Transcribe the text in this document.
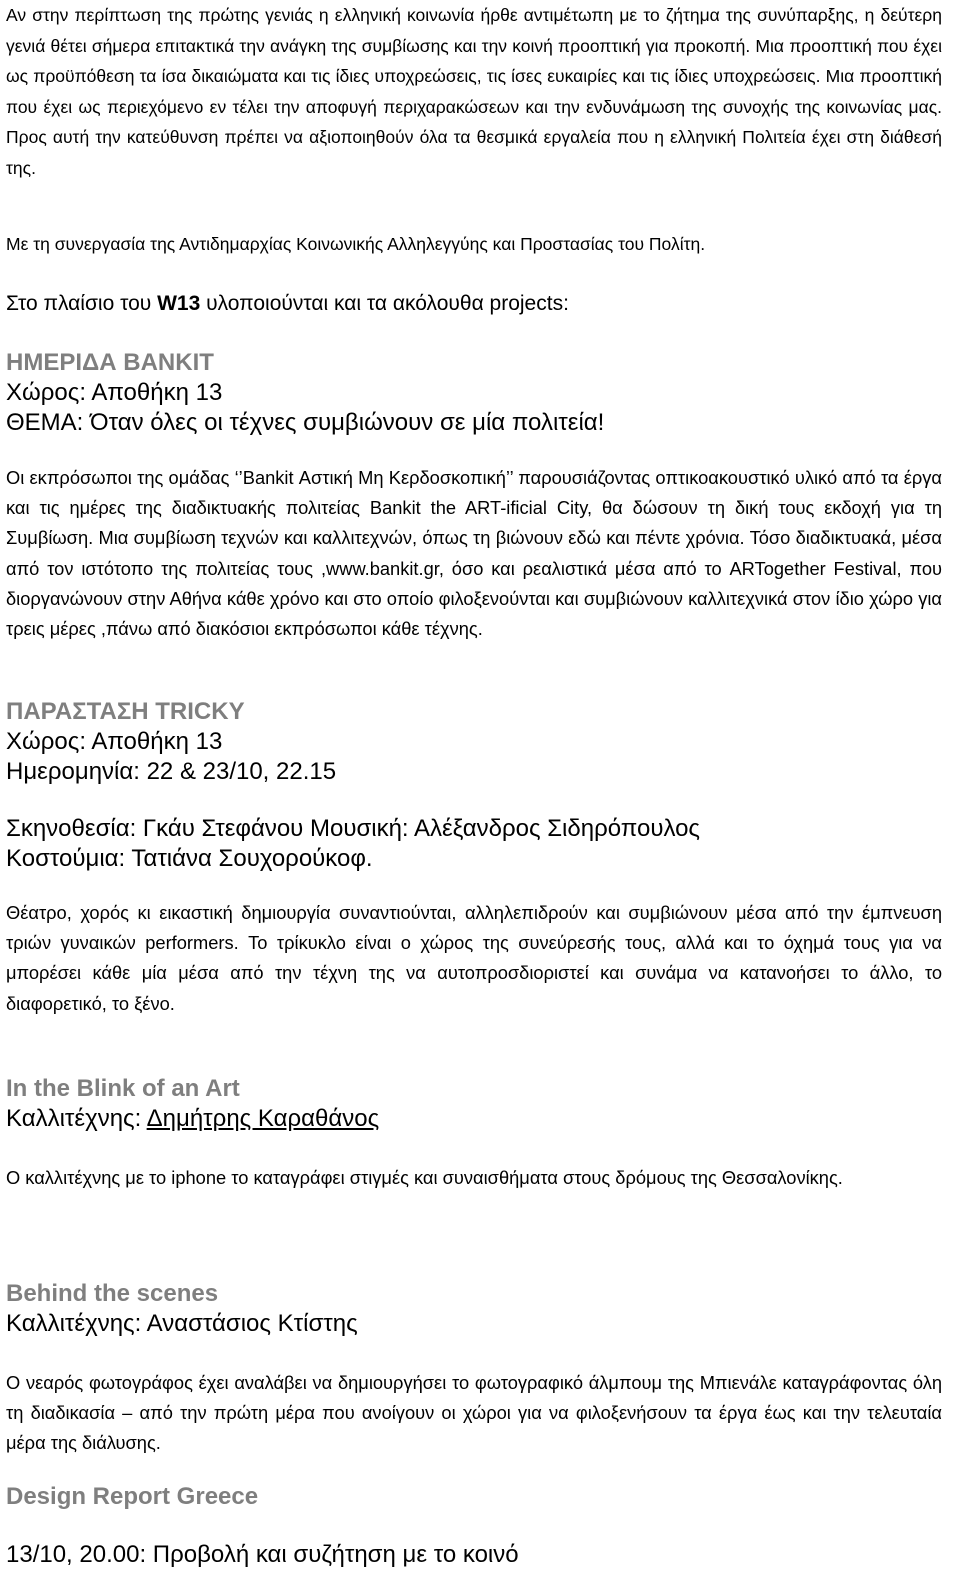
Αν στην περίπτωση της πρώτης γενιάς η ελληνική κοινωνία ήρθε αντιμέτωπη με το ζήτημα της συνύπαρξης, η δεύτερη γενιά θέτει σήμερα επιτακτικά την ανάγκη της συμβίωσης και την κοινή προοπτική για προκοπή. Μια προοπτική που έχει ως προϋπόθεση τα ίσα δικαιώματα και τις ίδιες υποχρεώσεις, τις ίσες ευκαιρίες και τις ίδιες υποχρεώσεις. Μια προοπτική που έχει ως περιεχόμενο εν τέλει την αποφυγή περιχαρακώσεων και την ενδυνάμωση της συνοχής της κοινωνίας μας. Προς αυτή την κατεύθυνση πρέπει να αξιοποιηθούν όλα τα θεσμικά εργαλεία που η ελληνική Πολιτεία έχει στη διάθεσή της.

Με τη συνεργασία της Αντιδημαρχίας Κοινωνικής Αλληλεγγύης και Προστασίας του Πολίτη.

Στο πλαίσιο του W13 υλοποιούνται και τα ακόλουθα projects:

ΗΜΕΡΙΔΑ BANKIT
Χώρος: Αποθήκη 13
ΘΕΜΑ: Όταν όλες οι τέχνες συμβιώνουν σε μία πολιτεία!

Οι εκπρόσωποι της ομάδας ‘’Bankit Αστική Μη Κερδοσκοπική’’ παρουσιάζοντας οπτικοακουστικό υλικό από τα έργα και τις ημέρες της διαδικτυακής πολιτείας Bankit the ART-ificial City, θα δώσουν τη δική τους εκδοχή για τη Συμβίωση. Μια συμβίωση τεχνών και καλλιτεχνών, όπως τη βιώνουν εδώ και πέντε χρόνια. Τόσο διαδικτυακά, μέσα από τον ιστότοπο της πολιτείας τους ,www.bankit.gr, όσο και ρεαλιστικά μέσα από το ARTogether Festival, που διοργανώνουν στην Αθήνα κάθε χρόνο και στο οποίο φιλοξενούνται και συμβιώνουν καλλιτεχνικά στον ίδιο χώρο για τρεις μέρες ,πάνω από διακόσιοι εκπρόσωποι κάθε τέχνης.

ΠΑΡΑΣΤΑΣΗ TRICKY
Χώρος: Αποθήκη 13
Ημερομηνία: 22 & 23/10, 22.15
Σκηνοθεσία: Γκάυ Στεφάνου Μουσική: Αλέξανδρος Σιδηρόπουλος
Κοστούμια: Τατιάνα Σουχορούκοφ.

Θέατρο, χορός κι εικαστική δημιουργία συναντιούνται, αλληλεπιδρούν και συμβιώνουν μέσα από την έμπνευση τριών γυναικών performers. Το τρίκυκλο είναι ο χώρος της συνεύρεσής τους, αλλά και το όχημά τους για να μπορέσει κάθε μία μέσα από την τέχνη της να αυτοπροσδιοριστεί και συνάμα να κατανοήσει το άλλο, το διαφορετικό, το ξένο.

In the Blink of an Art
Καλλιτέχνης: Δημήτρης Καραθάνος

Ο καλλιτέχνης με το iphone το καταγράφει στιγμές και συναισθήματα στους δρόμους της Θεσσαλονίκης.

Behind the scenes
Καλλιτέχνης: Αναστάσιος Κτίστης

Ο νεαρός φωτογράφος έχει αναλάβει να δημιουργήσει το φωτογραφικό άλμπουμ της Μπιενάλε καταγράφοντας όλη τη διαδικασία – από την πρώτη μέρα που ανοίγουν οι χώροι για να φιλοξενήσουν τα έργα έως και την τελευταία μέρα της διάλυσης.

Design Report Greece
13/10, 20.00: Προβολή και συζήτηση με το κοινό
